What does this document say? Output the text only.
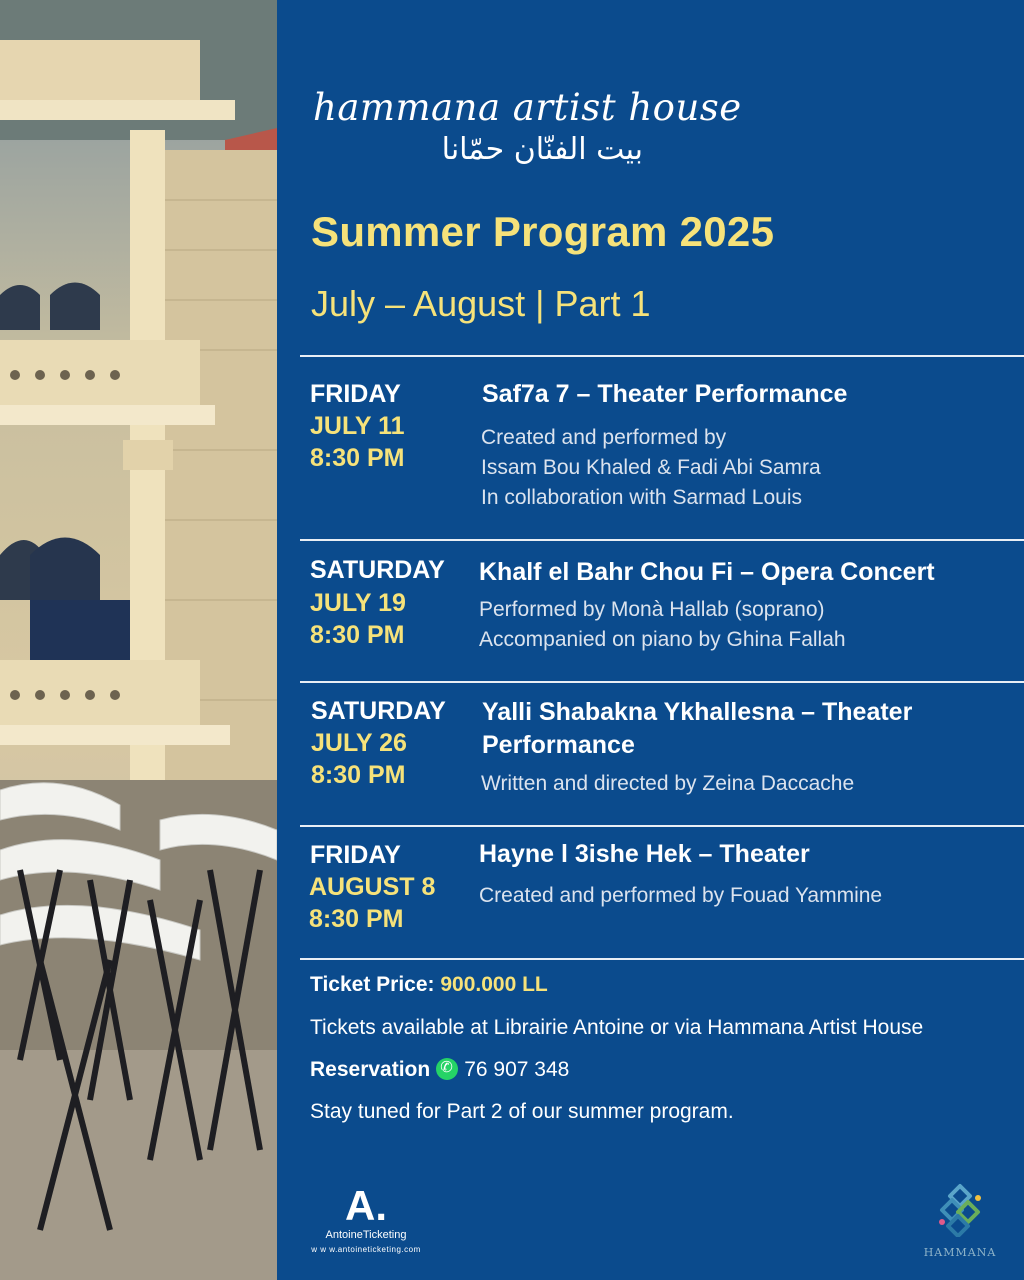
hammana artist house
بيت الفنّان حمّانا
Summer Program 2025
July – August | Part 1
FRIDAY
JULY 11
8:30 PM
Saf7a 7 – Theater Performance
Created and performed by
Issam Bou Khaled & Fadi Abi Samra
In collaboration with Sarmad Louis
SATURDAY
JULY 19
8:30 PM
Khalf el Bahr Chou Fi – Opera Concert
Performed by Monà Hallab (soprano)
Accompanied on piano by Ghina Fallah
SATURDAY
JULY 26
8:30 PM
Yalli Shabakna Ykhallesna – Theater Performance
Written and directed by Zeina Daccache
FRIDAY
AUGUST 8
8:30 PM
Hayne l 3ishe Hek – Theater
Created and performed by Fouad Yammine
Ticket Price: 900.000 LL
Tickets available at Librairie Antoine or via Hammana Artist House
Reservation✆ 76 907 348
Stay tuned for Part 2 of our summer program.
A.
AntoineTicketing
w w w.antoineticketing.com	HAMMANA
